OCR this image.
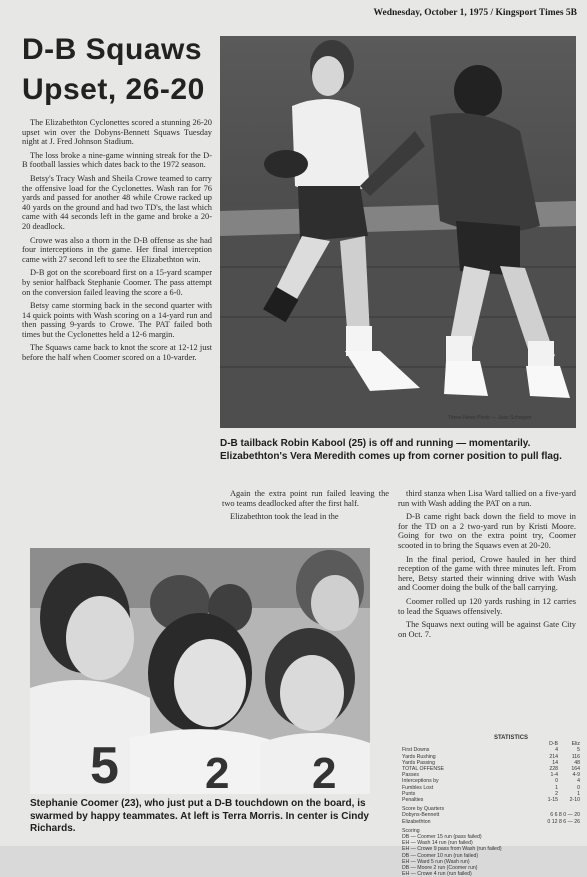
Wednesday, October 1, 1975 / Kingsport Times 5B
D-B Squaws
Upset, 26-20

The Elizabethton Cyclonettes scored a stunning 26-20 upset win over the Dobyns-Bennett Squaws Tuesday night at J. Fred Johnson Stadium.

The loss broke a nine-game winning streak for the D-B football lassies which dates back to the 1972 season.

Betsy's Tracy Wash and Sheila Crowe teamed to carry the offensive load for the Cyclonettes. Wash ran for 76 yards and passed for another 48 while Crowe racked up 40 yards on the ground and had two TD's, the last which came with 44 seconds left in the game and broke a 20-20 deadlock.

Crowe was also a thorn in the D-B offense as she had four interceptions in the game. Her final interception came with 27 second left to see the Elizabethton win.

D-B got on the scoreboard first on a 15-yard scamper by senior halfback Stephanie Coomer. The pass attempt on the conversion failed leaving the score a 6-0.

Betsy came storming back in the second quarter with 14 quick points with Wash scoring on a 14-yard run and then passing 9-yards to Crowe. The PAT failed both times but the Cyclonettes held a 12-6 margin.

The Squaws came back to knot the score at 12-12 just before the half when Coomer scored on a 10-varder.

Times-News Photo — Jean Schopper
D-B tailback Robin Kabool (25) is off and running — momentarily. Elizabethton's Vera Meredith comes up from corner position to pull flag.

Again the extra point run failed leaving the two teams deadlocked after the first half.

Elizabethton took the lead in the

third stanza when Lisa Ward tallied on a five-yard run with Wash adding the PAT on a run.

D-B came right back down the field to move in for the TD on a 2 two-yard run by Kristi Moore. Going for two on the extra point try, Coomer scooted in to bring the Squaws even at 20-20.

In the final period, Crowe hauled in her third reception of the game with three minutes left. From here, Betsy started their winning drive with Wash and Coomer doing the bulk of the ball carrying.

Coomer rolled up 120 yards rushing in 12 carries to lead the Squaws offensively.

The Squaws next outing will be against Gate City on Oct. 7.

5 2 2
Stephanie Coomer (23), who just put a D-B touchdown on the board, is swarmed by happy teammates. At left is Terra Morris. In center is Cindy Richards.
STATISTICS
D-B	Eliz
First Downs	4	5
Yards Rushing	214	116
Yards Passing	14	48
TOTAL OFFENSE	228	164
Passes	1-4	4-9
Interceptions by	0	4
Fumbles Lost	1	0
Punts	2	1
Penalties	1-15	2-10
Score by Quarters
Dobyns-Bennett	6 6 8 0 — 20
Elizabethton	0 12 8 6 — 26
Scoring
DB — Coomer 15 run (pass failed)
EH — Wash 14 run (run failed)
EH — Crowe 9 pass from Wash (run failed)
DB — Coomer 10 run (run failed)
EH — Ward 5 run (Wash run)
DB — Moore 2 run (Coomer run)
EH — Crowe 4 run (run failed)
